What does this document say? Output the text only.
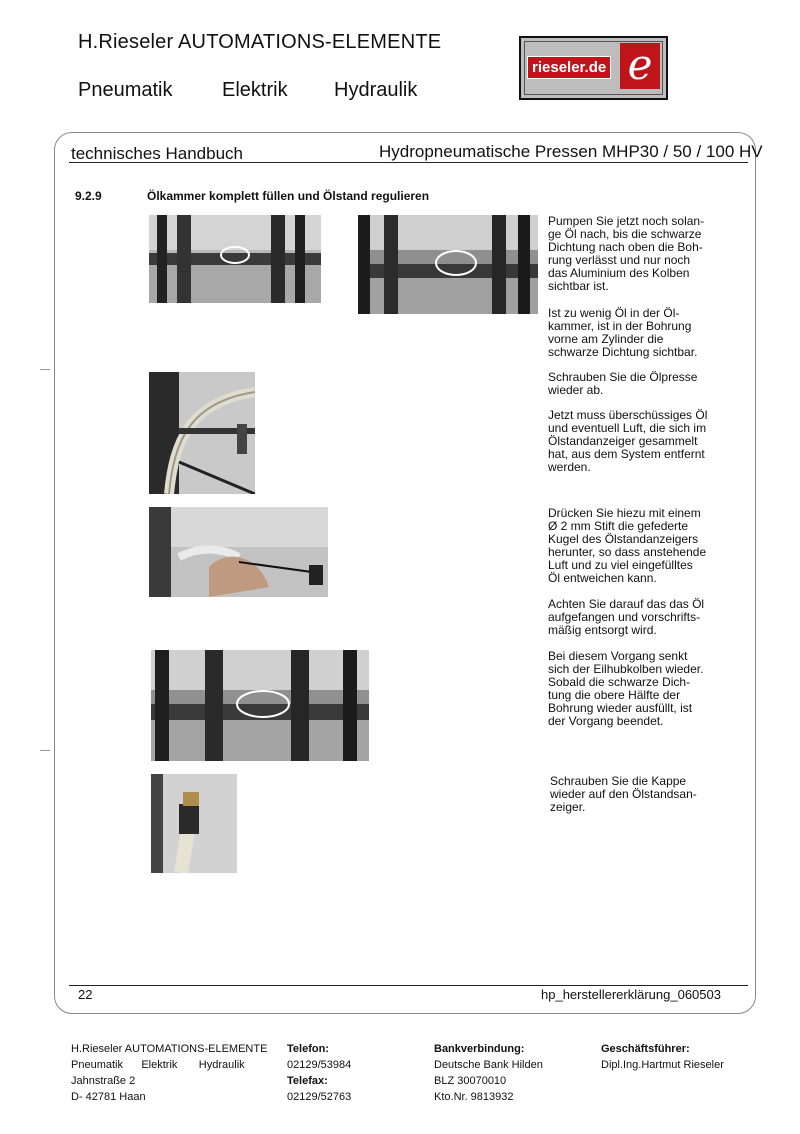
H.Rieseler AUTOMATIONS-ELEMENTE
Pneumatik Elektrik Hydraulik
rieseler.de e
technisches Handbuch	Hydropneumatische Pressen MHP30 / 50 / 100 HV
9.2.9	Ölkammer komplett füllen und Ölstand regulieren
Pumpen Sie jetzt noch solan-
ge Öl nach, bis die schwarze
Dichtung nach oben die Boh-
rung verlässt und nur noch
das Aluminium des Kolben
sichtbar ist.
Ist zu wenig Öl in der Öl-
kammer, ist in der Bohrung
vorne am Zylinder die
schwarze Dichtung sichtbar.
Schrauben Sie die Ölpresse
wieder ab.
Jetzt muss überschüssiges Öl
und eventuell Luft, die sich im
Ölstandanzeiger gesammelt
hat, aus dem System entfernt
werden.
Drücken Sie hiezu mit einem
Ø 2 mm Stift die gefederte
Kugel des Ölstandanzeigers
herunter, so dass anstehende
Luft und zu viel eingefülltes
Öl entweichen kann.
Achten Sie darauf das das Öl
aufgefangen und vorschrifts-
mäßig entsorgt wird.
Bei diesem Vorgang senkt
sich der Eilhubkolben wieder.
Sobald die schwarze Dich-
tung die obere Hälfte der
Bohrung wieder ausfüllt, ist
der Vorgang beendet.
Schrauben Sie die Kappe
wieder auf den Ölstandsan-
zeiger.
22	hp_herstellererklärung_060503
H.Rieseler AUTOMATIONS-ELEMENTE
Pneumatik Elektrik Hydraulik
Jahnstraße 2
D- 42781 Haan
Telefon:
02129/53984
Telefax:
02129/52763
Bankverbindung:
Deutsche Bank Hilden
BLZ 30070010
Kto.Nr. 9813932
Geschäftsführer:
Dipl.Ing.Hartmut Rieseler
